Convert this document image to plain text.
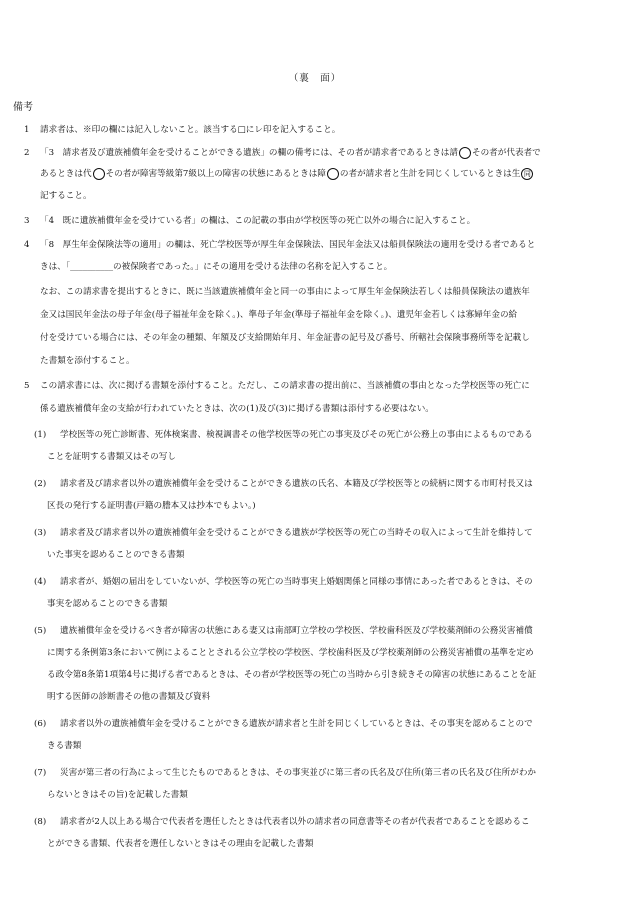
（裏　面）
備考
1 請求者は、※印の欄には記入しないこと。該当する□にレ印を記入すること。
2 「3　請求者及び遺族補償年金を受けることができる遺族」の欄の備考には、その者が請求者であるときは請 その者が代表者で
あるときは代 その者が障害等級第7級以上の障害の状態にあるときは障 の者が請求者と生計を同じくしているときは生 同
記すること。
3 「4　既に遺族補償年金を受けている者」の欄は、この記載の事由が学校医等の死亡以外の場合に記入すること。
4 「8　厚生年金保険法等の適用」の欄は、死亡学校医等が厚生年金保険法、国民年金法又は船員保険法の適用を受ける者であると
きは、「__________の被保険者であった。」にその適用を受ける法律の名称を記入すること。
なお、この請求書を提出するときに、既に当該遺族補償年金と同一の事由によって厚生年金保険法若しくは船員保険法の遺族年
金又は国民年金法の母子年金(母子福祉年金を除く。)、準母子年金(準母子福祉年金を除く。)、遺児年金若しくは寡婦年金の給
付を受けている場合には、その年金の種類、年額及び支給開始年月、年金証書の記号及び番号、所轄社会保険事務所等を記載し
た書類を添付すること。
5 この請求書には、次に掲げる書類を添付すること。ただし、この請求書の提出前に、当該補償の事由となった学校医等の死亡に
係る遺族補償年金の支給が行われていたときは、次の(1)及び(3)に掲げる書類は添付する必要はない。
(1) 学校医等の死亡診断書、死体検案書、検視調書その他学校医等の死亡の事実及びその死亡が公務上の事由によるものである
ことを証明する書類又はその写し
(2) 請求者及び請求者以外の遺族補償年金を受けることができる遺族の氏名、本籍及び学校医等との続柄に関する市町村長又は
区長の発行する証明書(戸籍の謄本又は抄本でもよい。)
(3) 請求者及び請求者以外の遺族補償年金を受けることができる遺族が学校医等の死亡の当時その収入によって生計を維持して
いた事実を認めることのできる書類
(4) 請求者が、婚姻の届出をしていないが、学校医等の死亡の当時事実上婚姻関係と同様の事情にあった者であるときは、その
事実を認めることのできる書類
(5) 遺族補償年金を受けるべき者が障害の状態にある妻又は南部町立学校の学校医、学校歯科医及び学校薬剤師の公務災害補償
に関する条例第3条において例によることとされる公立学校の学校医、学校歯科医及び学校薬剤師の公務災害補償の基準を定め
る政令第8条第1項第4号に掲げる者であるときは、その者が学校医等の死亡の当時から引き続きその障害の状態にあることを証
明する医師の診断書その他の書類及び資料
(6) 請求者以外の遺族補償年金を受けることができる遺族が請求者と生計を同じくしているときは、その事実を認めることので
きる書類
(7) 災害が第三者の行為によって生じたものであるときは、その事実並びに第三者の氏名及び住所(第三者の氏名及び住所がわか
らないときはその旨)を記載した書類
(8) 請求者が2人以上ある場合で代表者を選任したときは代表者以外の請求者の同意書等その者が代表者であることを認めるこ
とができる書類、代表者を選任しないときはその理由を記載した書類
